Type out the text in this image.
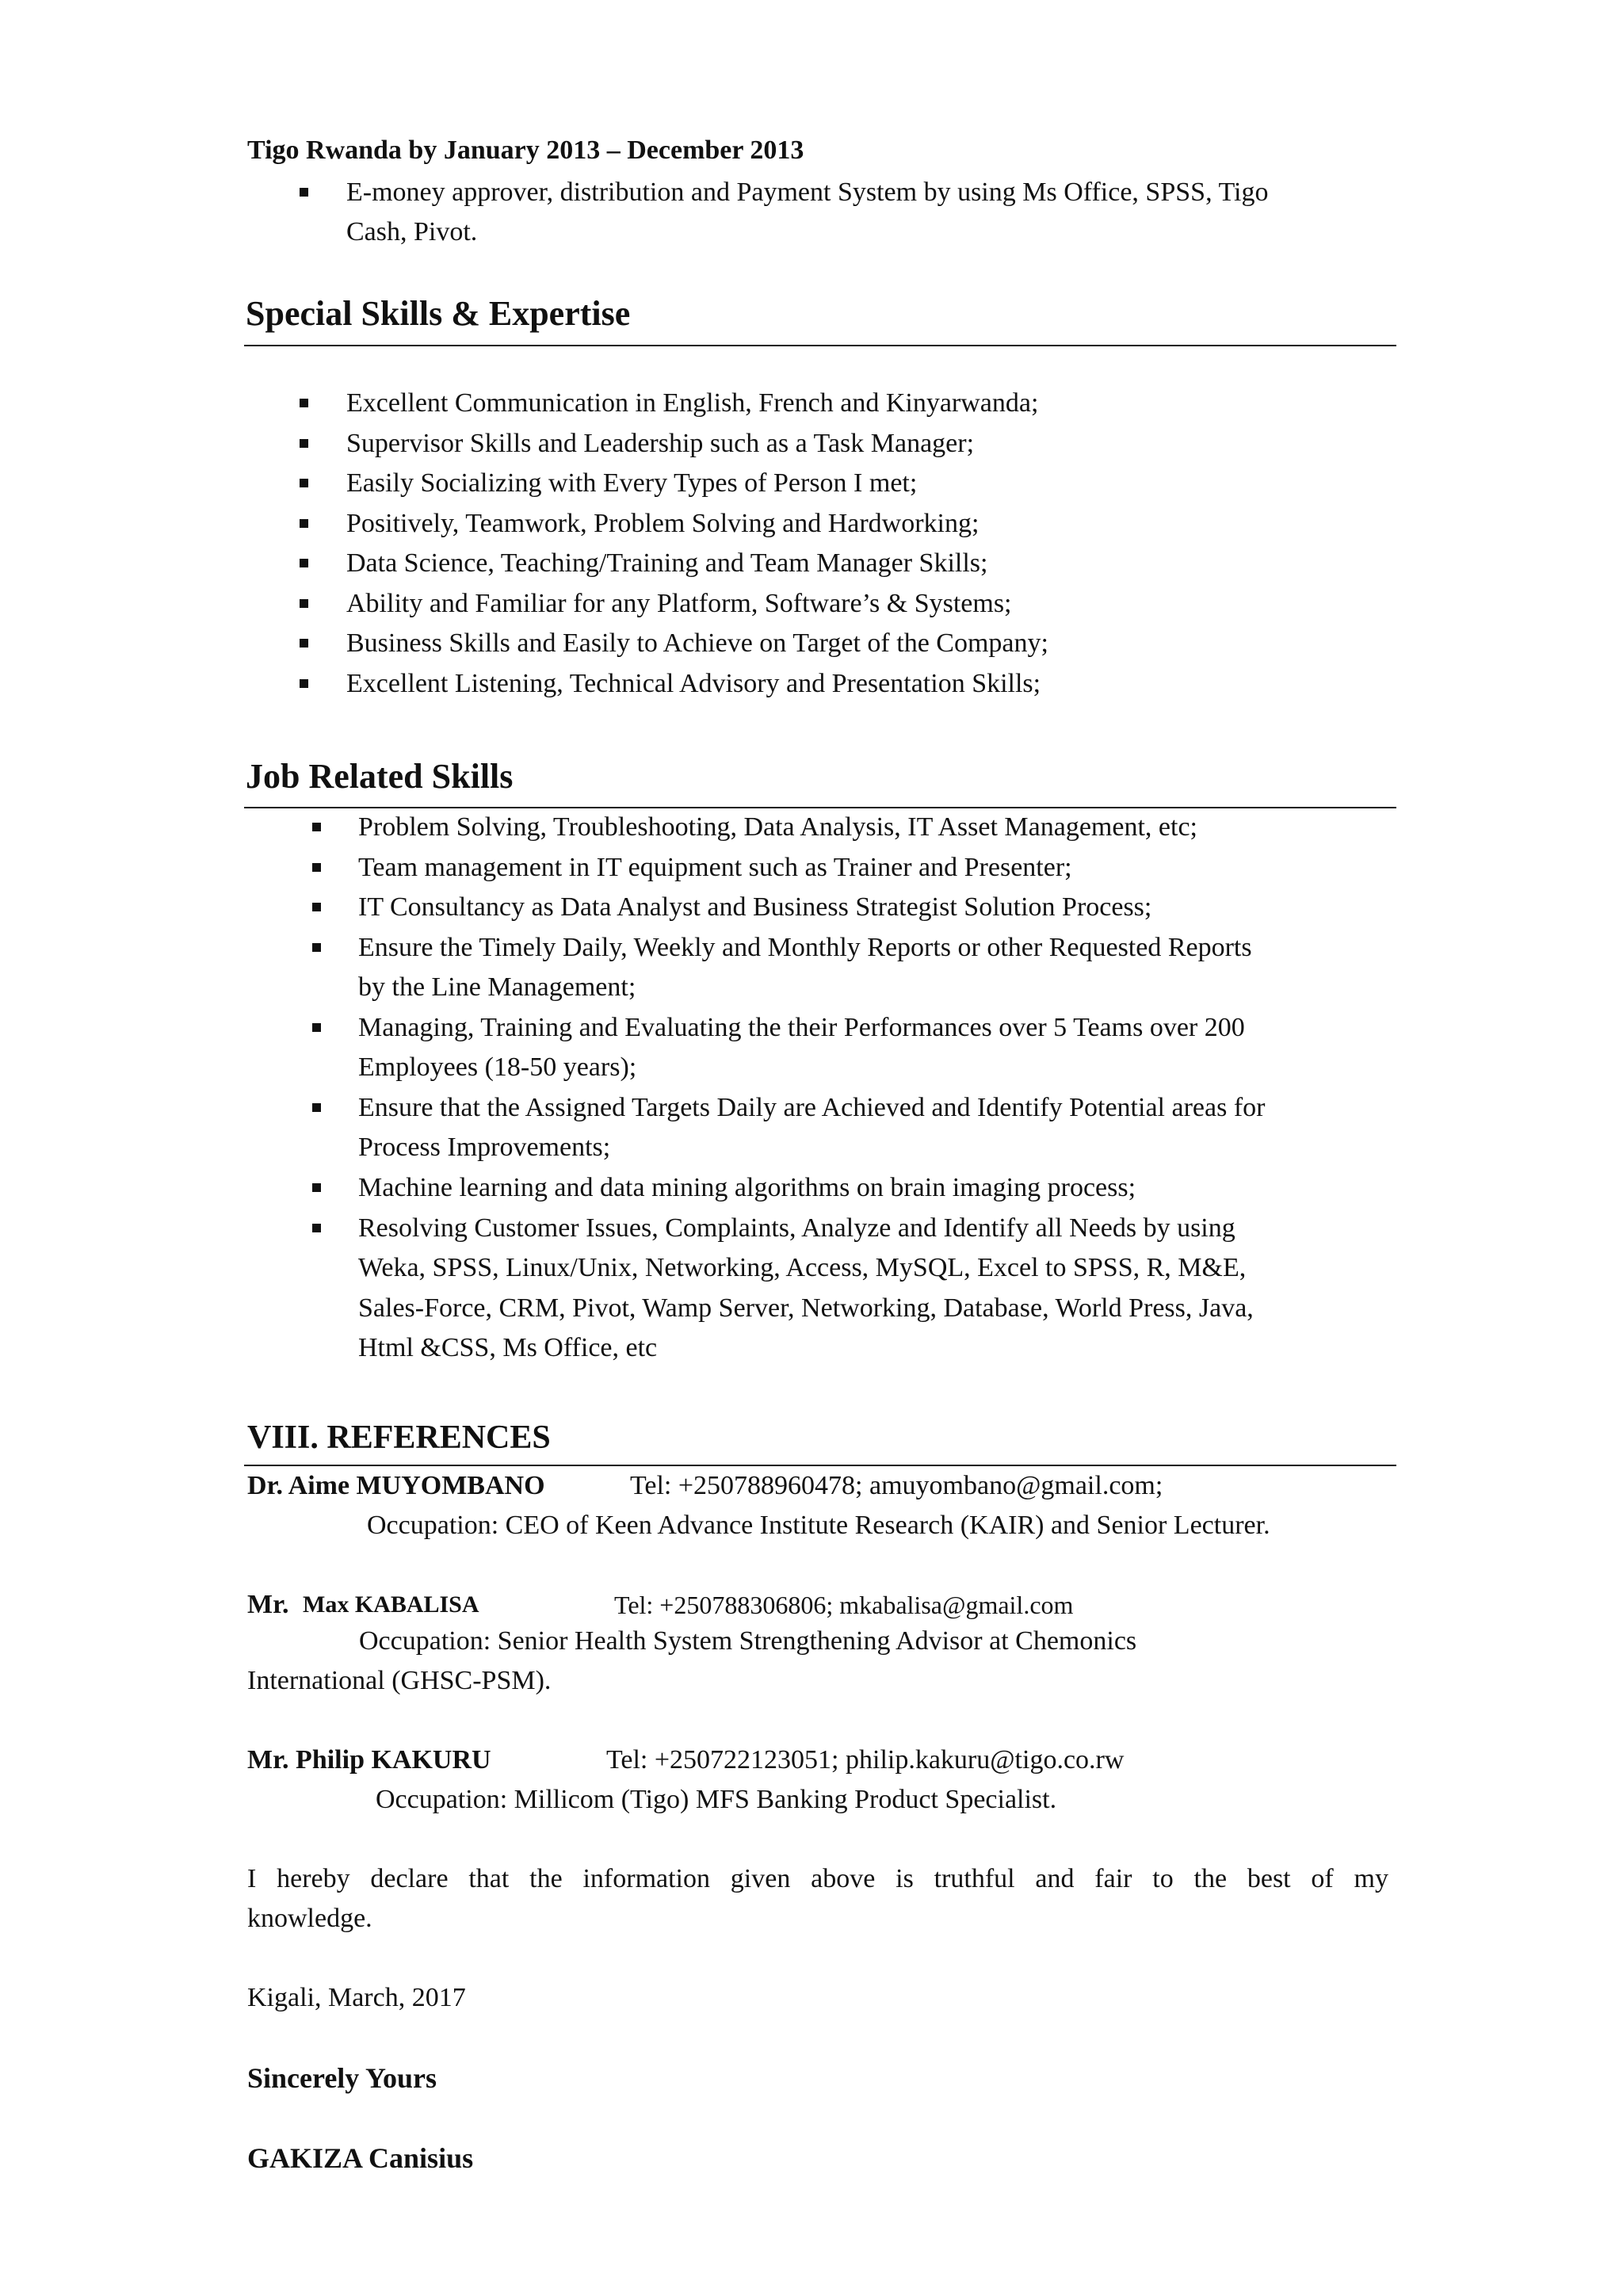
Tigo Rwanda by January 2013 – December 2013
E-money approver, distribution and Payment System by using Ms Office, SPSS, Tigo
Cash, Pivot.
Special Skills & Expertise
Excellent Communication in English, French and Kinyarwanda;
Supervisor Skills and Leadership such as a Task Manager;
Easily Socializing with Every Types of Person I met;
Positively, Teamwork, Problem Solving and Hardworking;
Data Science, Teaching/Training and Team Manager Skills;
Ability and Familiar for any Platform, Software’s & Systems;
Business Skills and Easily to Achieve on Target of the Company;
Excellent Listening, Technical Advisory and Presentation Skills;
Job Related Skills
Problem Solving, Troubleshooting, Data Analysis, IT Asset Management, etc;
Team management in IT equipment such as Trainer and Presenter;
IT Consultancy as Data Analyst and Business Strategist Solution Process;
Ensure the Timely Daily, Weekly and Monthly Reports or other Requested Reports
by the Line Management;
Managing, Training and Evaluating the their Performances over 5 Teams over 200
Employees (18-50 years);
Ensure that the Assigned Targets Daily are Achieved and Identify Potential areas for
Process Improvements;
Machine learning and data mining algorithms on brain imaging process;
Resolving Customer Issues, Complaints, Analyze and Identify all Needs by using
Weka, SPSS, Linux/Unix, Networking, Access, MySQL, Excel to SPSS, R, M&E,
Sales-Force, CRM, Pivot, Wamp Server, Networking, Database, World Press, Java,
Html &CSS, Ms Office, etc
VIII. REFERENCES
Dr. Aime MUYOMBANO	Tel: +250788960478; amuyombano@gmail.com;
Occupation: CEO of Keen Advance Institute Research (KAIR) and Senior Lecturer.
Mr. Max KABALISA	Tel: +250788306806; mkabalisa@gmail.com
Occupation: Senior Health System Strengthening Advisor at Chemonics
International (GHSC-PSM).
Mr. Philip KAKURU	Tel: +250722123051; philip.kakuru@tigo.co.rw
Occupation: Millicom (Tigo) MFS Banking Product Specialist.
I hereby declare that the information given above is truthful and fair to the best of my
knowledge.
Kigali, March, 2017
Sincerely Yours
GAKIZA Canisius
